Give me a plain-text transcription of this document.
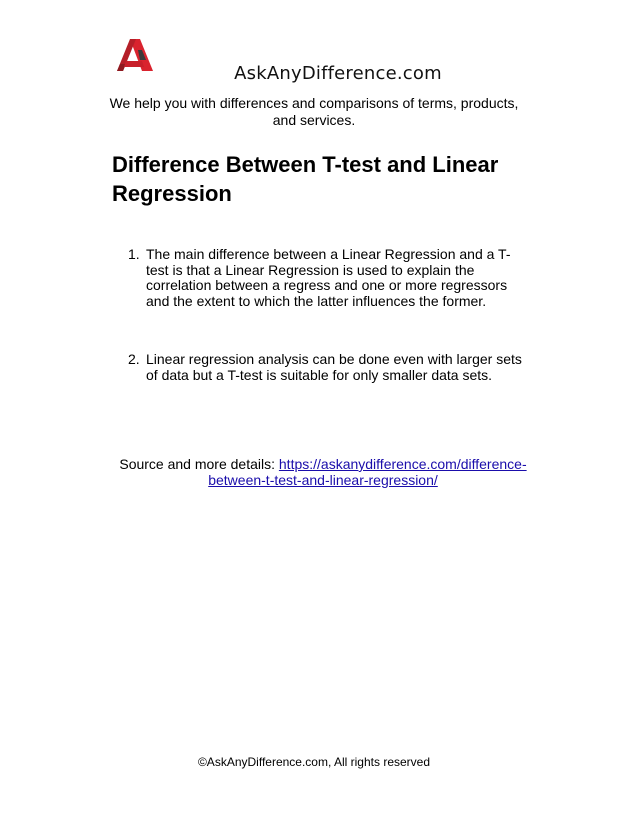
AskAnyDifference.com
We help you with differences and comparisons of terms, products, and services.
Difference Between T-test and Linear Regression
1. The main difference between a Linear Regression and a T-test is that a Linear Regression is used to explain the correlation between a regress and one or more regressors and the extent to which the latter influences the former.
2. Linear regression analysis can be done even with larger sets of data but a T-test is suitable for only smaller data sets.
Source and more details: https://askanydifference.com/difference-between-t-test-and-linear-regression/
©AskAnyDifference.com, All rights reserved
